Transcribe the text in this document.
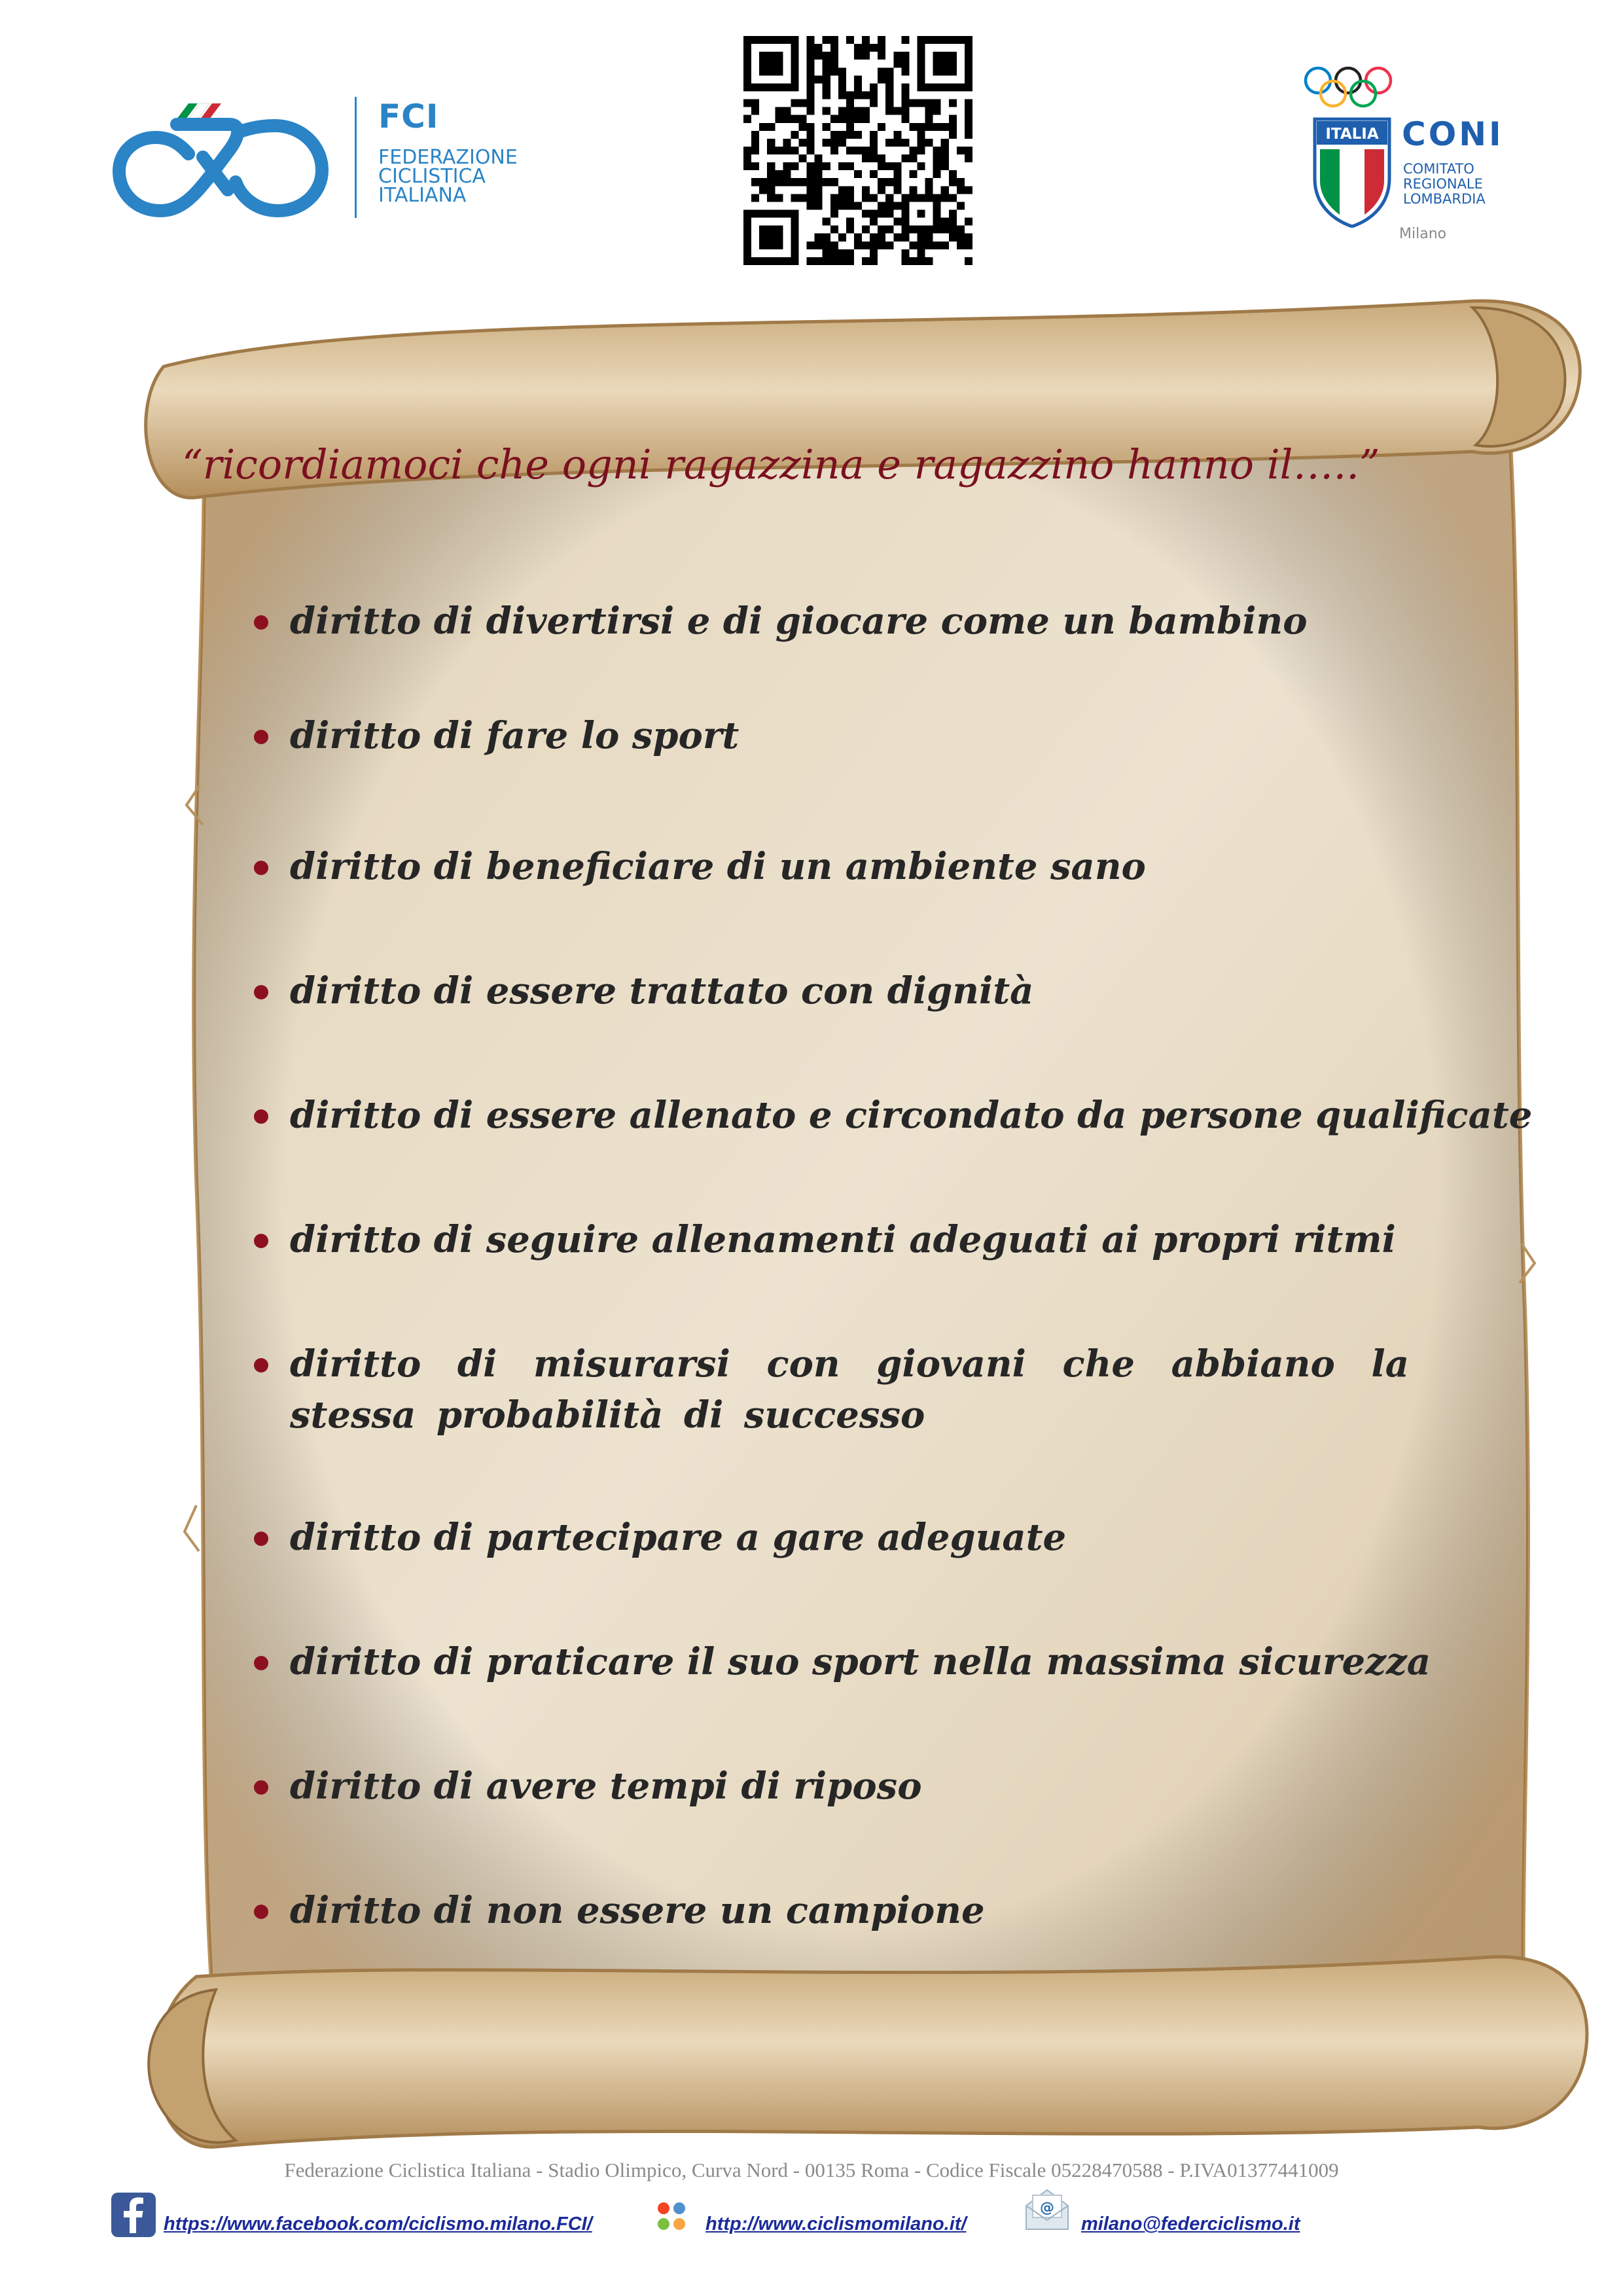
FCI
FEDERAZIONE
CICLISTICA
ITALIANA
ITALIA CONI
COMITATO
REGIONALE
LOMBARDIA
Milano
“ricordiamoci che ogni ragazzina e ragazzino hanno il…..”
diritto di divertirsi e di giocare come un bambino
diritto di fare lo sport
diritto di beneficiare di un ambiente sano
diritto di essere trattato con dignità
diritto di essere allenato e circondato da persone qualificate
diritto di seguire allenamenti adeguati ai propri ritmi
diritto di misurarsi con giovani che abbiano la stessa probabilità di successo
diritto di partecipare a gare adeguate
diritto di praticare il suo sport nella massima sicurezza
diritto di avere tempi di riposo
diritto di non essere un campione
Federazione Ciclistica Italiana - Stadio Olimpico, Curva Nord - 00135 Roma - Codice Fiscale 05228470588 - P.IVA01377441009
https://www.facebook.com/ciclismo.milano.FCI/	http://www.ciclismomilano.it/
@
milano@federciclismo.it
